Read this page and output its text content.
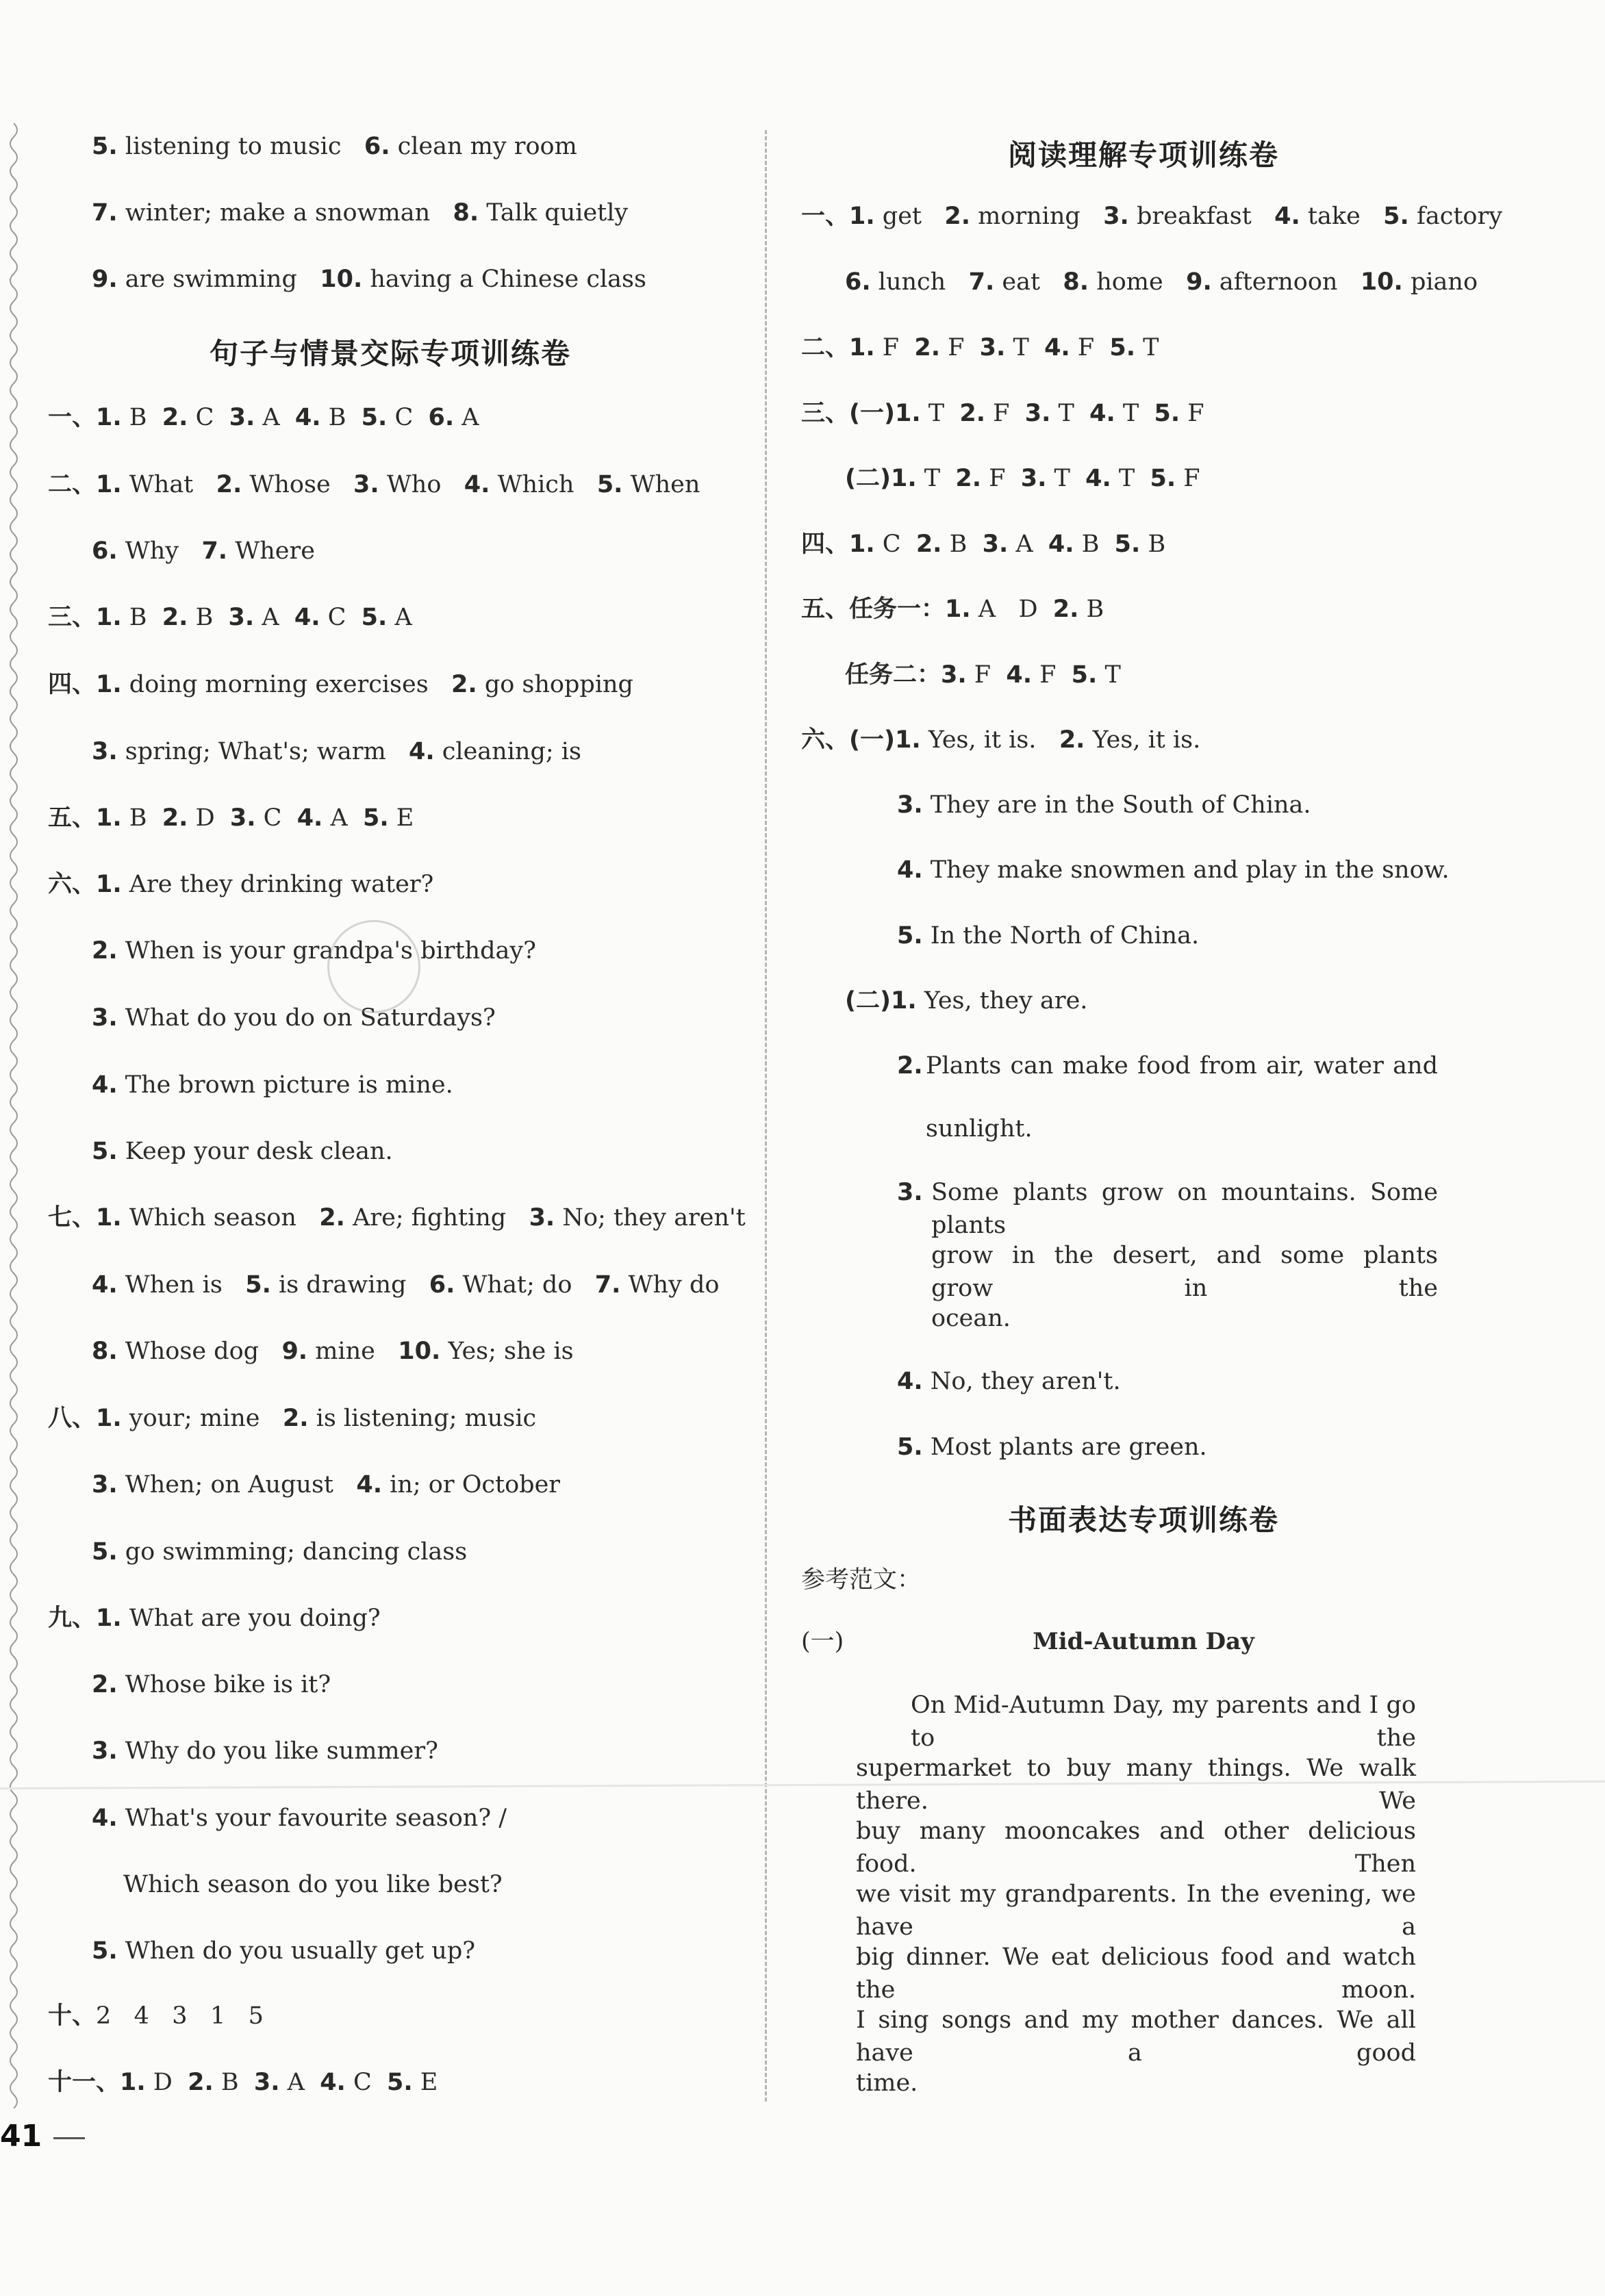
5. listening to music   6. clean my room
7. winter; make a snowman   8. Talk quietly
9. are swimming   10. having a Chinese class
句子与情景交际专项训练卷
一、1. B  2. C  3. A  4. B  5. C  6. A
二、1. What   2. Whose   3. Who   4. Which   5. When
6. Why   7. Where
三、1. B  2. B  3. A  4. C  5. A
四、1. doing morning exercises   2. go shopping
3. spring; What's; warm   4. cleaning; is
五、1. B  2. D  3. C  4. A  5. E
六、1. Are they drinking water?
2. When is your grandpa's birthday?
3. What do you do on Saturdays?
4. The brown picture is mine.
5. Keep your desk clean.
七、1. Which season   2. Are; fighting   3. No; they aren't
4. When is   5. is drawing   6. What; do   7. Why do
8. Whose dog   9. mine   10. Yes; she is
八、1. your; mine   2. is listening; music
3. When; on August   4. in; or October
5. go swimming; dancing class
九、1. What are you doing?
2. Whose bike is it?
3. Why do you like summer?
4. What's your favourite season? /
Which season do you like best?
5. When do you usually get up?
十、2   4   3   1   5
十一、1. D  2. B  3. A  4. C  5. E
阅读理解专项训练卷
一、1. get   2. morning   3. breakfast   4. take   5. factory
6. lunch   7. eat   8. home   9. afternoon   10. piano
二、1. F  2. F  3. T  4. F  5. T
三、(一)1. T  2. F  3. T  4. T  5. F
(二)1. T  2. F  3. T  4. T  5. F
四、1. C  2. B  3. A  4. B  5. B
五、任务一：1. A   D  2. B
任务二：3. F  4. F  5. T
六、(一)1. Yes, it is.   2. Yes, it is.
3. They are in the South of China.
4. They make snowmen and play in the snow.
5. In the North of China.
(二)1. Yes, they are.
2. Plants can make food from air, water and
sunlight.
3. Some plants grow on mountains. Some plants
grow in the desert, and some plants grow in the
ocean.
4. No, they aren't.
5. Most plants are green.
书面表达专项训练卷
参考范文：
(一)	Mid-Autumn Day
On Mid-Autumn Day, my parents and I go to the
supermarket to buy many things. We walk there. We
buy many mooncakes and other delicious food. Then
we visit my grandparents. In the evening, we have a
big dinner. We eat delicious food and watch the moon.
I sing songs and my mother dances. We all have a good
time.
41
